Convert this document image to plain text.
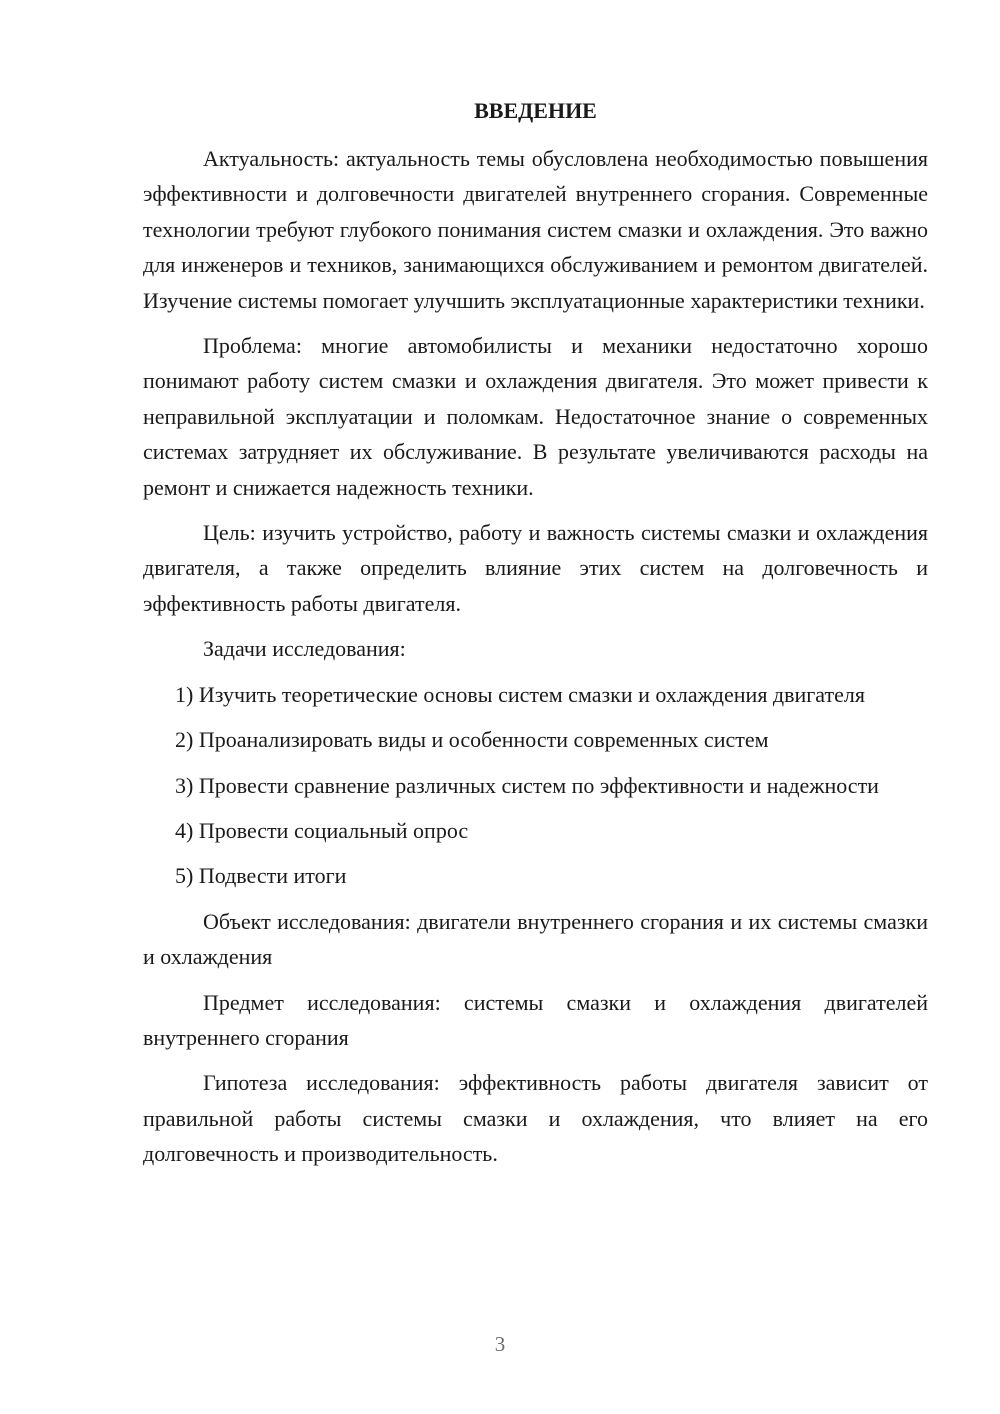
ВВЕДЕНИЕ

Актуальность: актуальность темы обусловлена необходимостью повышения эффективности и долговечности двигателей внутреннего сгорания. Современные технологии требуют глубокого понимания систем смазки и охлаждения. Это важно для инженеров и техников, занимающихся обслуживанием и ремонтом двигателей. Изучение системы помогает улучшить эксплуатационные характеристики техники.

Проблема: многие автомобилисты и механики недостаточно хорошо понимают работу систем смазки и охлаждения двигателя. Это может привести к неправильной эксплуатации и поломкам. Недостаточное знание о современных системах затрудняет их обслуживание. В результате увеличиваются расходы на ремонт и снижается надежность техники.

Цель: изучить устройство, работу и важность системы смазки и охлаждения двигателя, а также определить влияние этих систем на долговечность и эффективность работы двигателя.

Задачи исследования:

1) Изучить теоретические основы систем смазки и охлаждения двигателя

2) Проанализировать виды и особенности современных систем

3) Провести сравнение различных систем по эффективности и надежности

4) Провести социальный опрос

5) Подвести итоги

Объект исследования: двигатели внутреннего сгорания и их системы смазки и охлаждения

Предмет исследования: системы смазки и охлаждения двигателей внутреннего сгорания

Гипотеза исследования: эффективность работы двигателя зависит от правильной работы системы смазки и охлаждения, что влияет на его долговечность и производительность.

3
